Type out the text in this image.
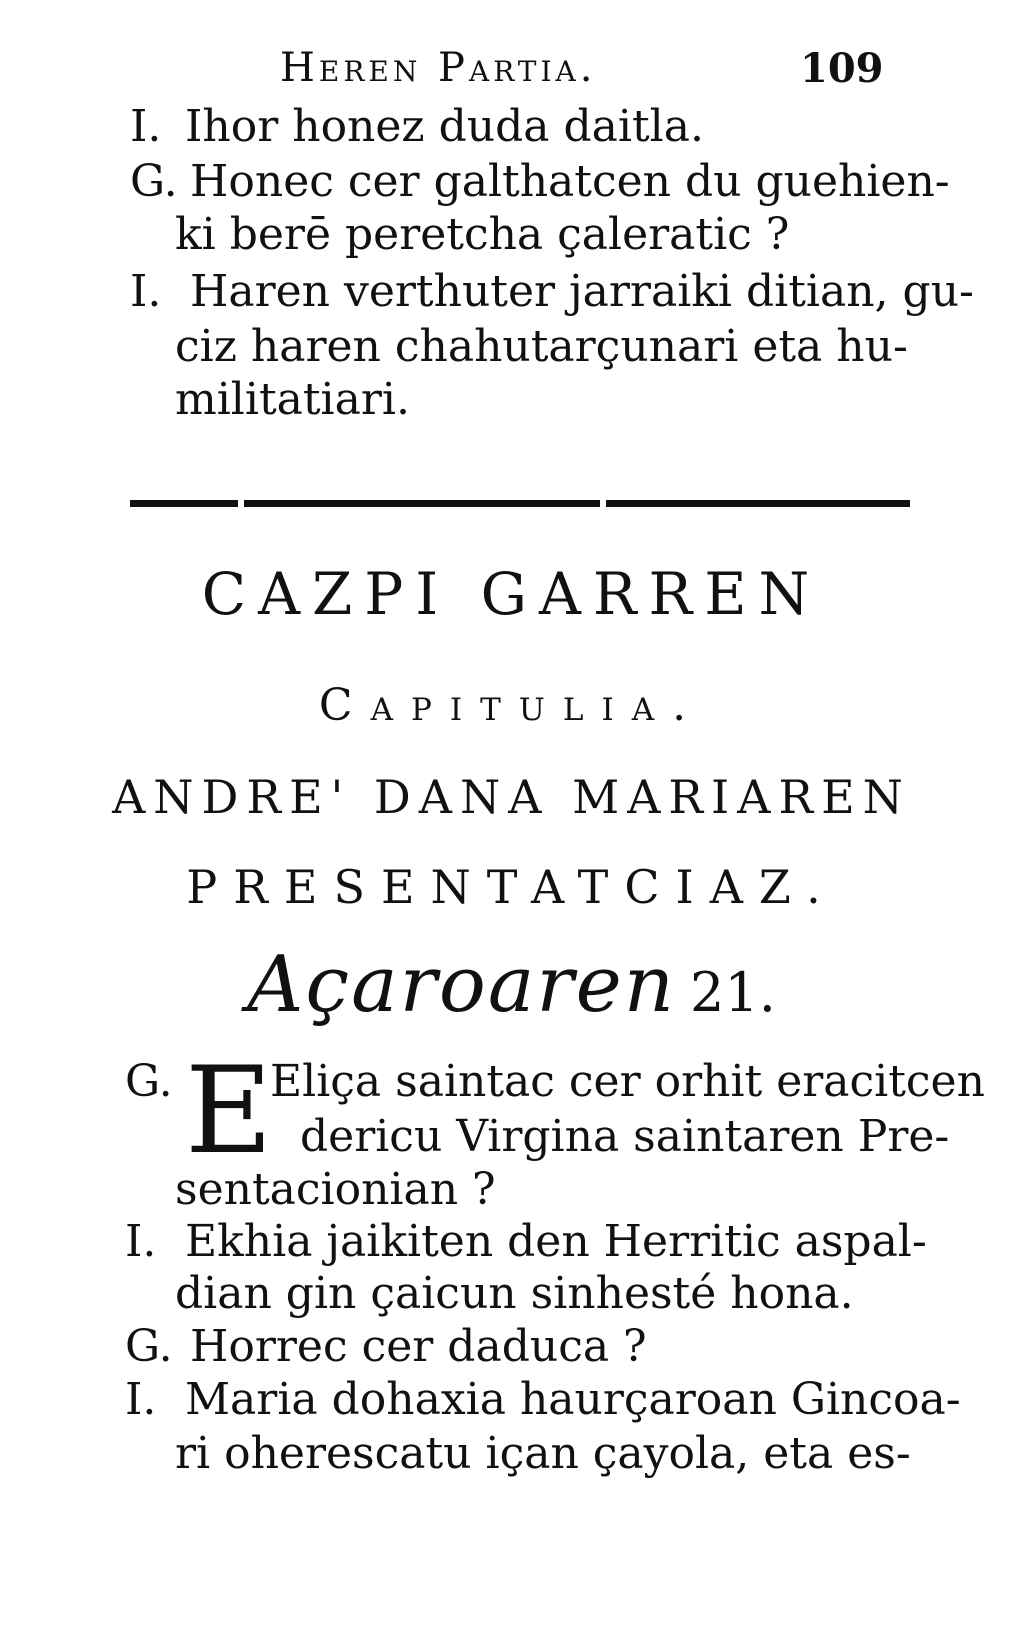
Heren Partia.	109
I. Ihor honez duda daitla.
G. Honec cer galthatcen du guehien-
ki berē peretcha çaleratic ?
I. Haren verthuter jarraiki ditian, gu-
ciz haren chahutarçunari eta hu-
militatiari.
CAZPI GARREN
Capitulia.
ANDRE' DANA MARIAREN
PRESENTATCIAZ.
Açaroaren 21.
G. E
Eliça saintac cer orhit eracitcen
dericu Virgina saintaren Pre-
sentacionian ?
I. Ekhia jaikiten den Herritic aspal-
dian gin çaicun sinhesté hona.
G. Horrec cer daduca ?
I. Maria dohaxia haurçaroan Gincoa-
ri oherescatu içan çayola, eta es-
